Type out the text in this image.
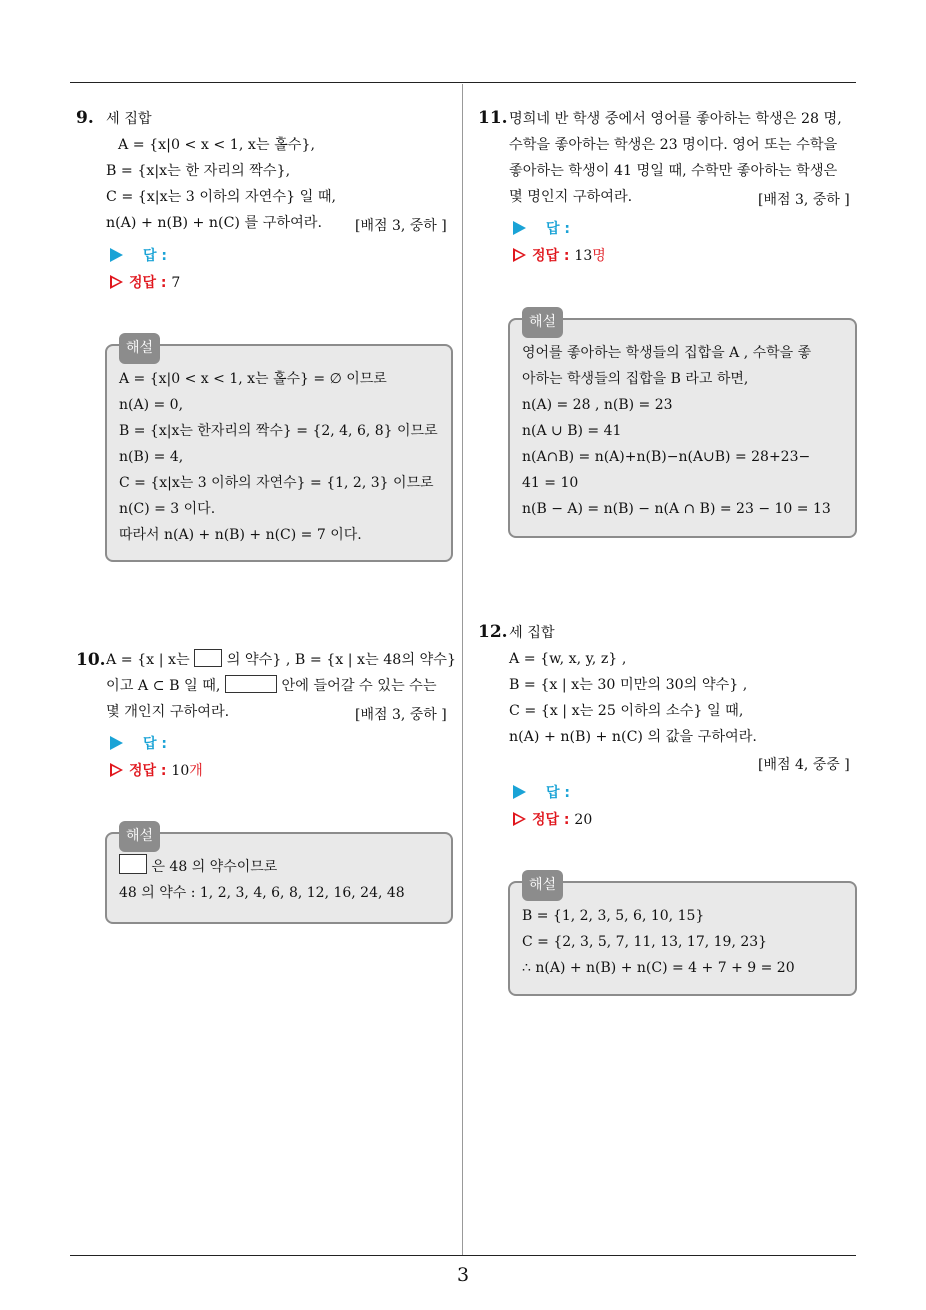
3
9. 세 집합
A = {x|0 < x < 1, x는 홀수},
B = {x|x는 한 자리의 짝수},
C = {x|x는 3 이하의 자연수} 일 때,
n(A) + n(B) + n(C) 를 구하여라. [배점 3, 중하 ]
답 :
정답 : 7
해설
A = {x|0 < x < 1, x는 홀수} = ∅ 이므로
n(A) = 0,
B = {x|x는 한자리의 짝수} = {2, 4, 6, 8} 이므로
n(B) = 4,
C = {x|x는 3 이하의 자연수} = {1, 2, 3} 이므로
n(C) = 3 이다.
따라서 n(A) + n(B) + n(C) = 7 이다.
10. A = {x | x는	의 약수} , B = {x | x는 48의 약수}
이고 A ⊂ B 일 때,	안에 들어갈 수 있는 수는
몇 개인지 구하여라.	[배점 3, 중하 ]
답 :
정답 : 10개
해설
은 48 의 약수이므로
48 의 약수 : 1, 2, 3, 4, 6, 8, 12, 16, 24, 48
11. 명희네 반 학생 중에서 영어를 좋아하는 학생은 28 명,
수학을 좋아하는 학생은 23 명이다. 영어 또는 수학을
좋아하는 학생이 41 명일 때, 수학만 좋아하는 학생은
몇 명인지 구하여라.	[배점 3, 중하 ]
답 :
정답 : 13명
해설
영어를 좋아하는 학생들의 집합을 A , 수학을 좋
아하는 학생들의 집합을 B 라고 하면,
n(A) = 28 , n(B) = 23
n(A ∪ B) = 41
n(A∩B) = n(A)+n(B)−n(A∪B) = 28+23−
41 = 10
n(B − A) = n(B) − n(A ∩ B) = 23 − 10 = 13
12. 세 집합
A = {w, x, y, z} ,
B = {x | x는 30 미만의 30의 약수} ,
C = {x | x는 25 이하의 소수} 일 때,
n(A) + n(B) + n(C) 의 값을 구하여라.
[배점 4, 중중 ]
답 :
정답 : 20
해설
B = {1, 2, 3, 5, 6, 10, 15}
C = {2, 3, 5, 7, 11, 13, 17, 19, 23}
∴ n(A) + n(B) + n(C) = 4 + 7 + 9 = 20
